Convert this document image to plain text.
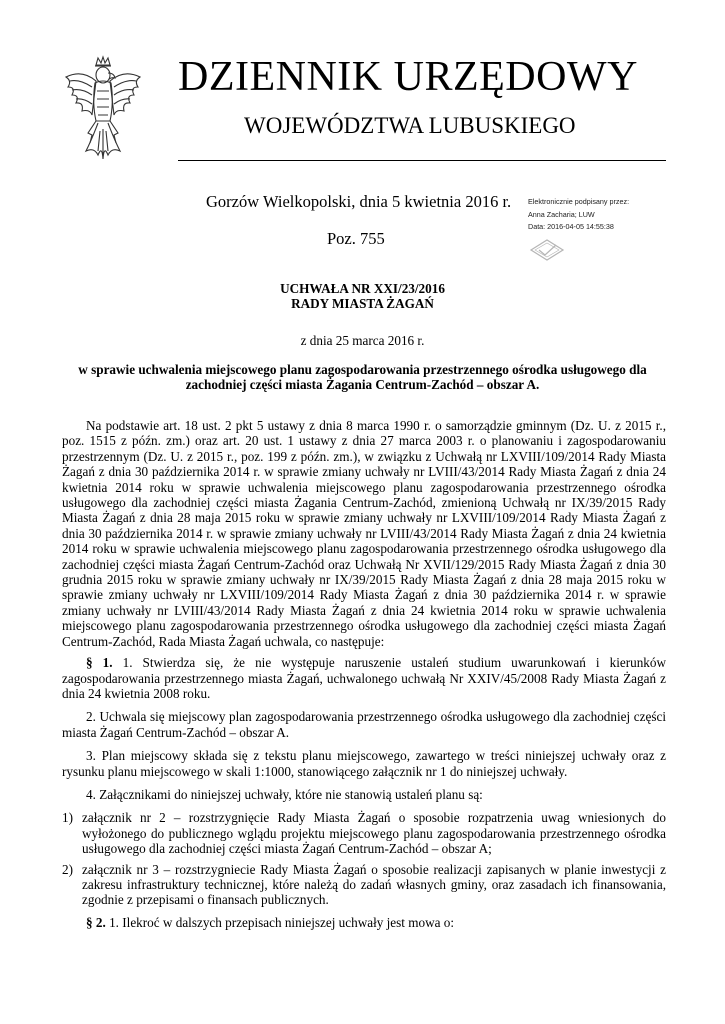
DZIENNIK URZĘDOWY
WOJEWÓDZTWA LUBUSKIEGO
Gorzów Wielkopolski, dnia 5 kwietnia 2016 r.
Poz. 755
Elektronicznie podpisany przez:
Anna Zacharia; LUW
Data: 2016-04-05 14:55:38
UCHWAŁA NR XXI/23/2016
RADY MIASTA ŻAGAŃ
z dnia 25 marca 2016 r.
w sprawie uchwalenia miejscowego planu zagospodarowania przestrzennego ośrodka usługowego dla zachodniej części miasta Żagania Centrum-Zachód – obszar A.

Na podstawie art. 18 ust. 2 pkt 5 ustawy z dnia 8 marca 1990 r. o samorządzie gminnym (Dz. U. z 2015 r., poz. 1515 z późn. zm.) oraz art. 20 ust. 1 ustawy z dnia 27 marca 2003 r. o planowaniu i zagospodarowaniu przestrzennym (Dz. U. z 2015 r., poz. 199 z późn. zm.), w związku z Uchwałą nr LXVIII/109/2014 Rady Miasta Żagań z dnia 30 października 2014 r. w sprawie zmiany uchwały nr LVIII/43/2014 Rady Miasta Żagań z dnia 24 kwietnia 2014 roku w sprawie uchwalenia miejscowego planu zagospodarowania przestrzennego ośrodka usługowego dla zachodniej części miasta Żagania Centrum-Zachód, zmienioną Uchwałą nr IX/39/2015 Rady Miasta Żagań z dnia 28 maja 2015 roku w sprawie zmiany uchwały nr LXVIII/109/2014 Rady Miasta Żagań z dnia 30 października 2014 r. w sprawie zmiany uchwały nr LVIII/43/2014 Rady Miasta Żagań z dnia 24 kwietnia 2014 roku w sprawie uchwalenia miejscowego planu zagospodarowania przestrzennego ośrodka usługowego dla zachodniej części miasta Żagań Centrum-Zachód oraz Uchwałą Nr XVII/129/2015 Rady Miasta Żagań z dnia 30 grudnia 2015 roku w sprawie zmiany uchwały nr IX/39/2015 Rady Miasta Żagań z dnia 28 maja 2015 roku w sprawie zmiany uchwały nr LXVIII/109/2014 Rady Miasta Żagań z dnia 30 października 2014 r. w sprawie zmiany uchwały nr LVIII/43/2014 Rady Miasta Żagań z dnia 24 kwietnia 2014 roku w sprawie uchwalenia miejscowego planu zagospodarowania przestrzennego ośrodka usługowego dla zachodniej części miasta Żagań Centrum-Zachód, Rada Miasta Żagań uchwala, co następuje:

§ 1. 1. Stwierdza się, że nie występuje naruszenie ustaleń studium uwarunkowań i kierunków zagospodarowania przestrzennego miasta Żagań, uchwalonego uchwałą Nr XXIV/45/2008 Rady Miasta Żagań z dnia 24 kwietnia 2008 roku.

2. Uchwala się miejscowy plan zagospodarowania przestrzennego ośrodka usługowego dla zachodniej części miasta Żagań Centrum-Zachód – obszar A.

3. Plan miejscowy składa się z tekstu planu miejscowego, zawartego w treści niniejszej uchwały oraz z rysunku planu miejscowego w skali 1:1000, stanowiącego załącznik nr 1 do niniejszej uchwały.

4. Załącznikami do niniejszej uchwały, które nie stanowią ustaleń planu są:

1) załącznik nr 2 – rozstrzygnięcie Rady Miasta Żagań o sposobie rozpatrzenia uwag wniesionych do wyłożonego do publicznego wglądu projektu miejscowego planu zagospodarowania przestrzennego ośrodka usługowego dla zachodniej części miasta Żagań Centrum-Zachód – obszar A;
2) załącznik nr 3 – rozstrzygniecie Rady Miasta Żagań o sposobie realizacji zapisanych w planie inwestycji z zakresu infrastruktury technicznej, które należą do zadań własnych gminy, oraz zasadach ich finansowania, zgodnie z przepisami o finansach publicznych.

§ 2. 1. Ilekroć w dalszych przepisach niniejszej uchwały jest mowa o:
